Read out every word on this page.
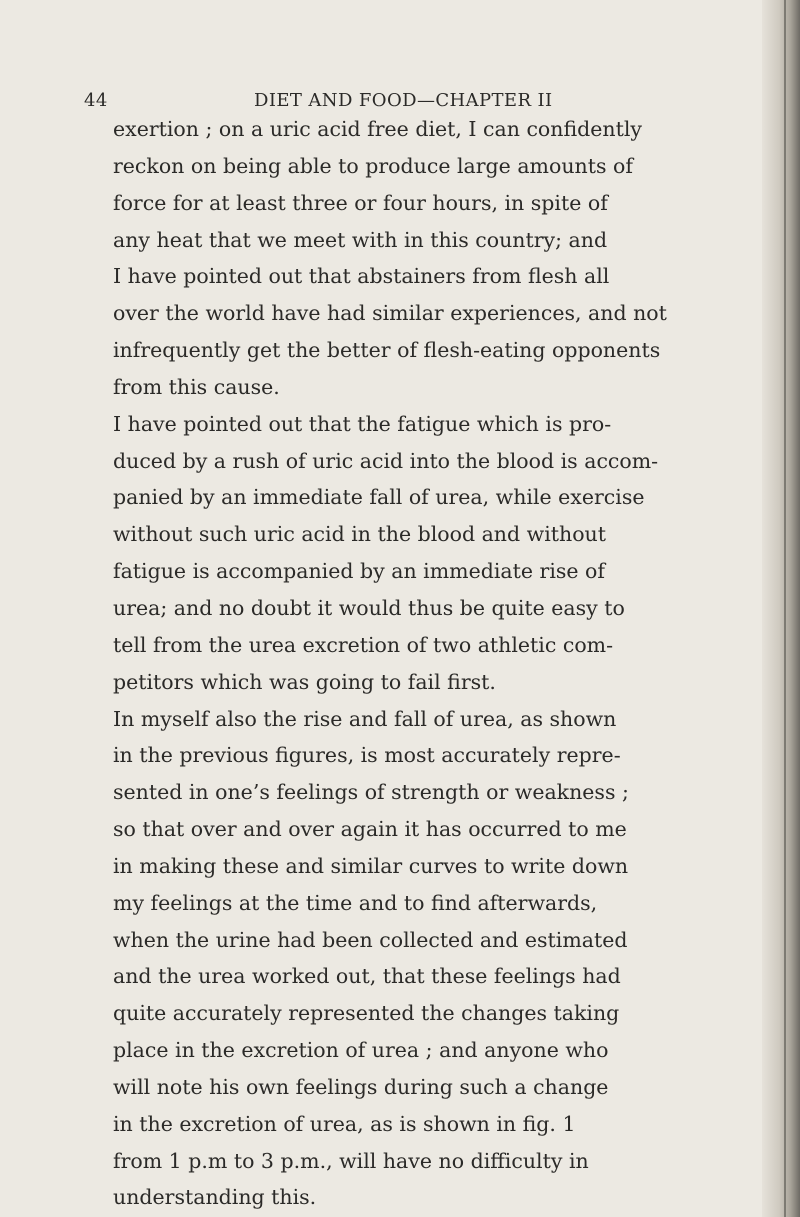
44	DIET AND FOOD—CHAPTER II
exertion ; on a uric acid free diet, I can confidently
reckon on being able to produce large amounts of
force for at least three or four hours, in spite of
any heat that we meet with in this country; and
I have pointed out that abstainers from flesh all
over the world have had similar experiences, and not
infrequently get the better of flesh-eating opponents
from this cause.
I have pointed out that the fatigue which is pro-
duced by a rush of uric acid into the blood is accom-
panied by an immediate fall of urea, while exercise
without such uric acid in the blood and without
fatigue is accompanied by an immediate rise of
urea; and no doubt it would thus be quite easy to
tell from the urea excretion of two athletic com-
petitors which was going to fail first.
In myself also the rise and fall of urea, as shown
in the previous figures, is most accurately repre-
sented in one’s feelings of strength or weakness ;
so that over and over again it has occurred to me
in making these and similar curves to write down
my feelings at the time and to find afterwards,
when the urine had been collected and estimated
and the urea worked out, that these feelings had
quite accurately represented the changes taking
place in the excretion of urea ; and anyone who
will note his own feelings during such a change
in the excretion of urea, as is shown in fig. 1
from 1 p.m to 3 p.m., will have no difficulty in
understanding this.
